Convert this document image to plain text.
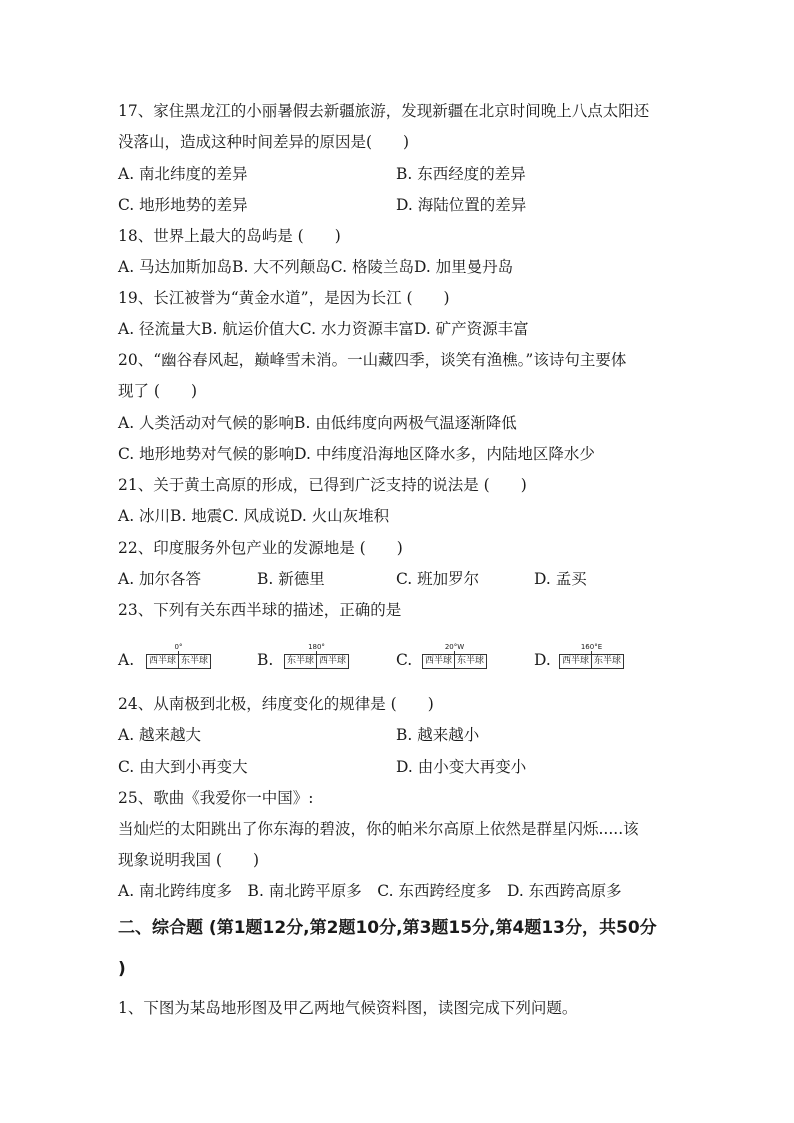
17、家住黑龙江的小丽暑假去新疆旅游，发现新疆在北京时间晚上八点太阳还
没落山，造成这种时间差异的原因是(　　)
A. 南北纬度的差异	B. 东西经度的差异
C. 地形地势的差异	D. 海陆位置的差异
18、世界上最大的岛屿是 (　　)
A. 马达加斯加岛B. 大不列颠岛C. 格陵兰岛D. 加里曼丹岛
19、长江被誉为“黄金水道”，是因为长江 (　　)
A. 径流量大B. 航运价值大C. 水力资源丰富D. 矿产资源丰富
20、“幽谷春风起，巅峰雪未消。一山藏四季，谈笑有渔樵。”该诗句主要体
现了 (　　)
A. 人类活动对气候的影响B. 由低纬度向两极气温逐渐降低
C. 地形地势对气候的影响D. 中纬度沿海地区降水多，内陆地区降水少
21、关于黄土高原的形成，已得到广泛支持的说法是 (　　)
A. 冰川B. 地震C. 风成说D. 火山灰堆积
22、印度服务外包产业的发源地是 (　　)
A. 加尔各答	B. 新德里	C. 班加罗尔	D. 孟买
23、下列有关东西半球的描述，正确的是
A.
0°
西半球 东半球	B.
180°
东半球 西半球	C.
20°W
西半球 东半球	D.
160°E
西半球 东半球
24、从南极到北极，纬度变化的规律是 (　　)
A. 越来越大	B. 越来越小
C. 由大到小再变大	D. 由小变大再变小
25、歌曲《我爱你一中国》:
当灿烂的太阳跳出了你东海的碧波，你的帕米尔高原上依然是群星闪烁.....该
现象说明我国 (　　)
A. 南北跨纬度多　B. 南北跨平原多　C. 东西跨经度多　D. 东西跨高原多
二、综合题 (第1题12分,第2题10分,第3题15分,第4题13分，共50分
)
1、下图为某岛地形图及甲乙两地气候资料图，读图完成下列问题。
